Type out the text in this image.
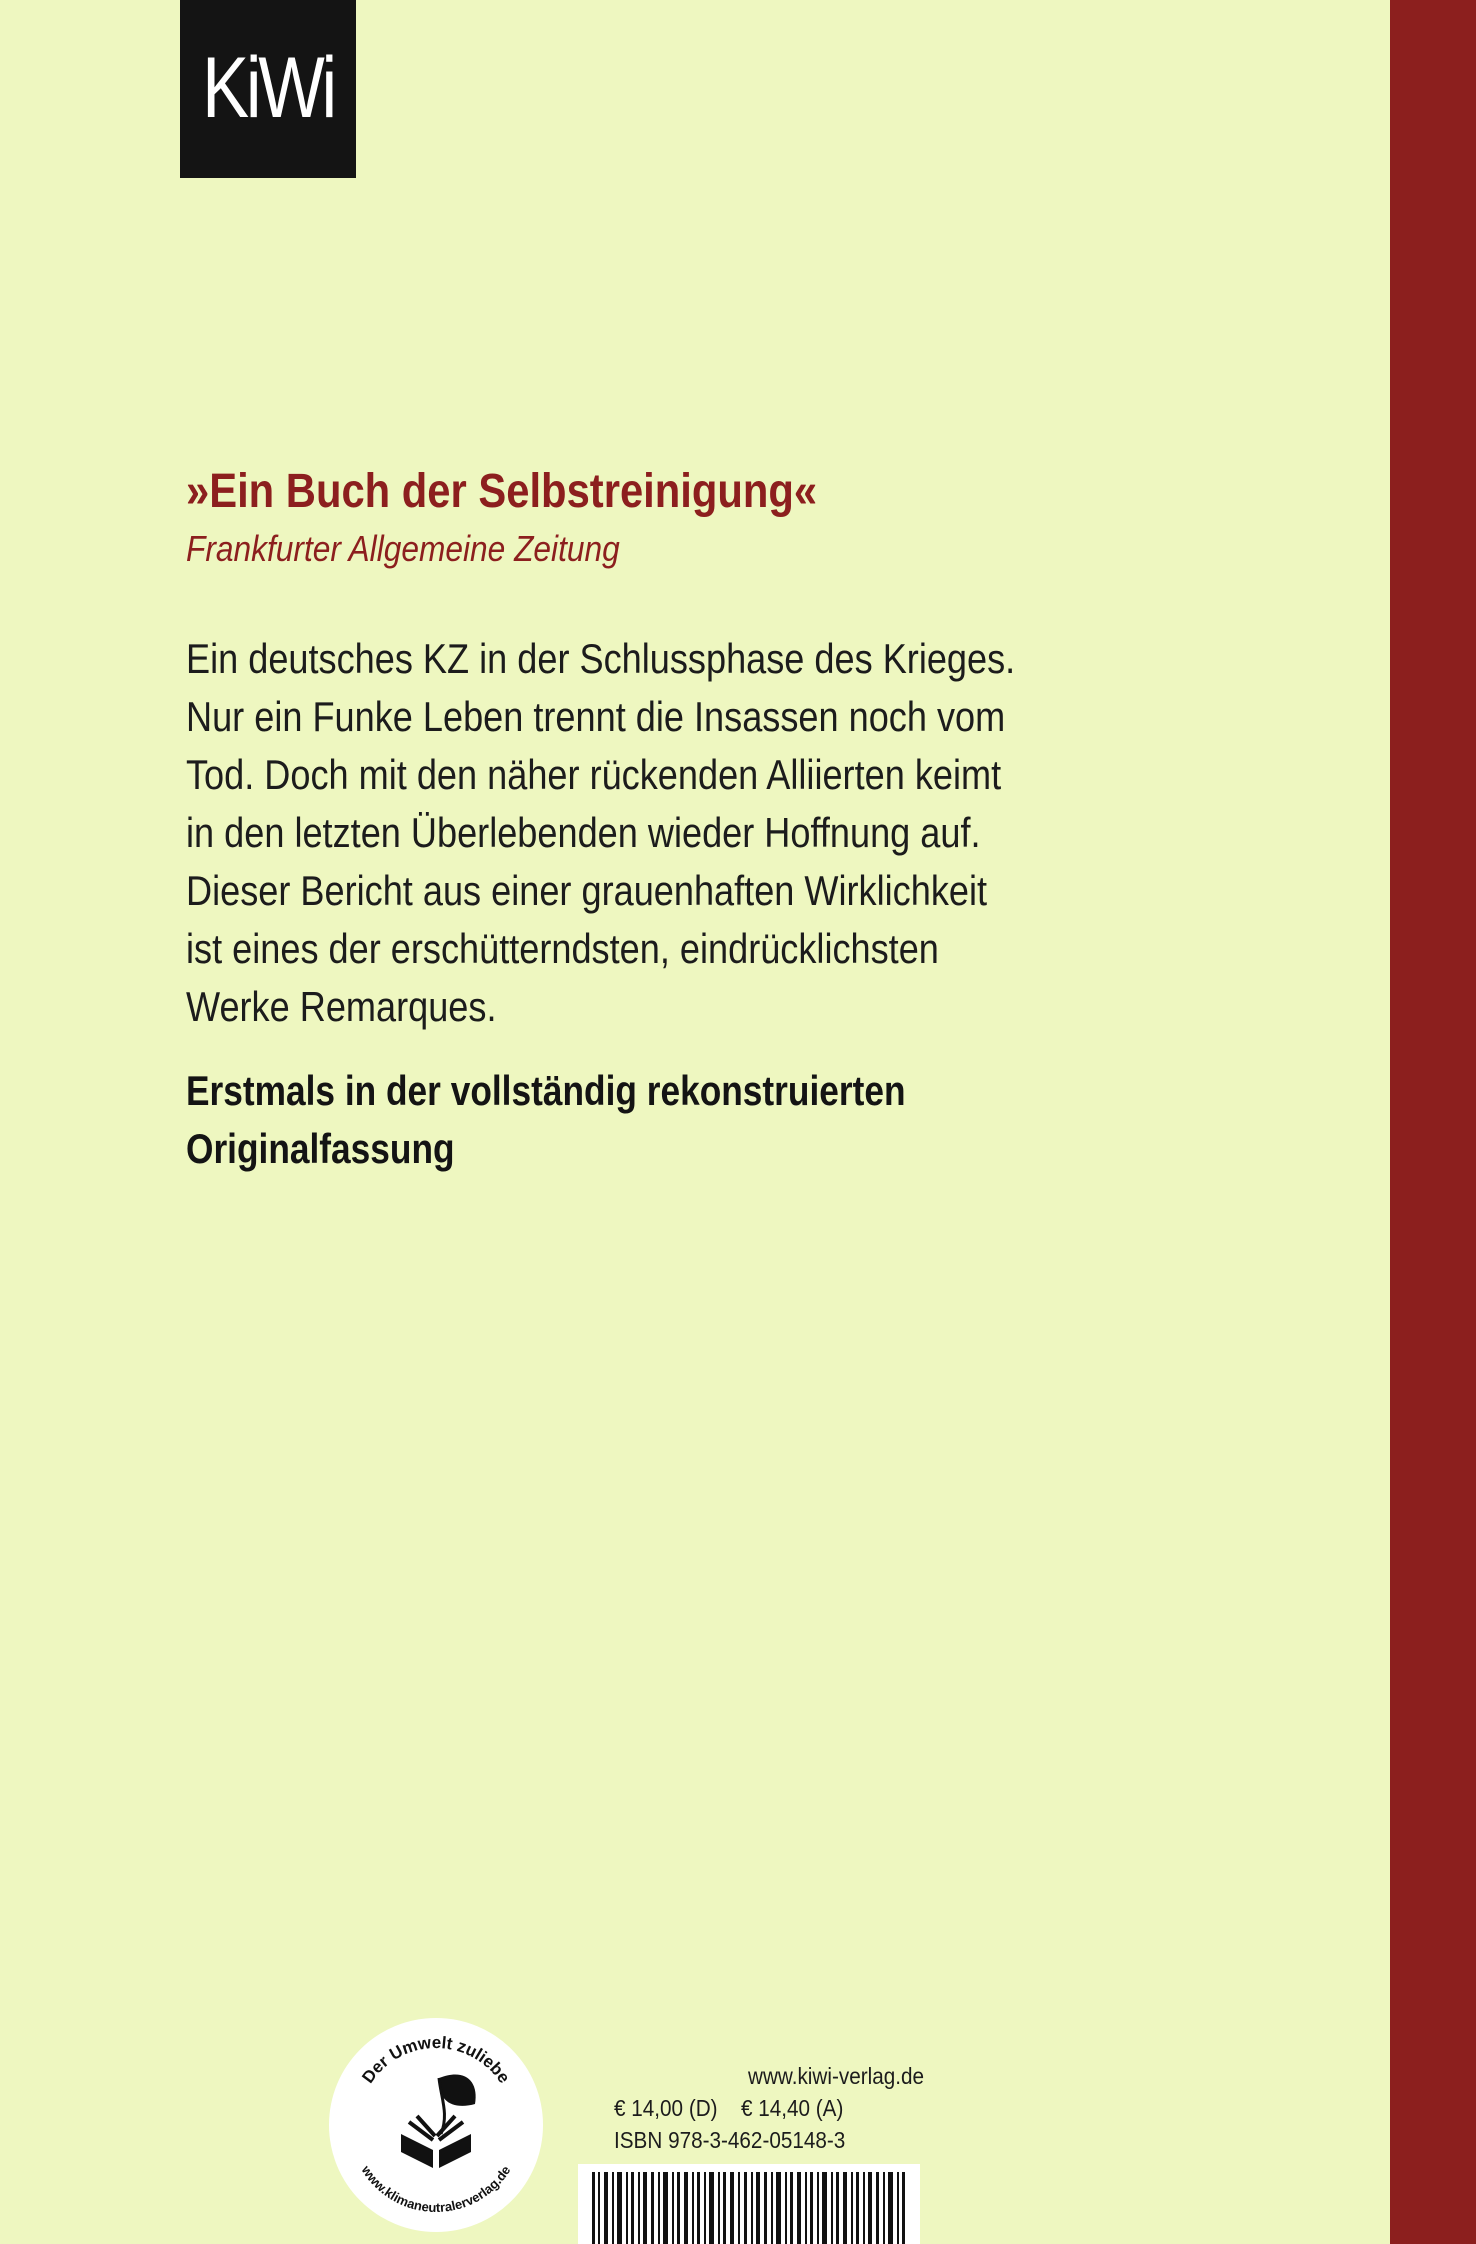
KiWi

»Ein Buch der Selbstreinigung«

Frankfurter Allgemeine Zeitung

Ein deutsches KZ in der Schlussphase des Krieges.
Nur ein Funke Leben trennt die Insassen noch vom
Tod. Doch mit den näher rückenden Alliierten keimt
in den letzten Überlebenden wieder Hoffnung auf.
Dieser Bericht aus einer grauenhaften Wirklichkeit
ist eines der erschütterndsten, eindrücklichsten
Werke Remarques.
Erstmals in der vollständig rekonstruierten
Originalfassung
Der Umwelt zuliebe
www.klimaneutralerverlag.de
www.kiwi-verlag.de
€ 14,00 (D) € 14,40 (A)
ISBN 978-3-462-05148-3
